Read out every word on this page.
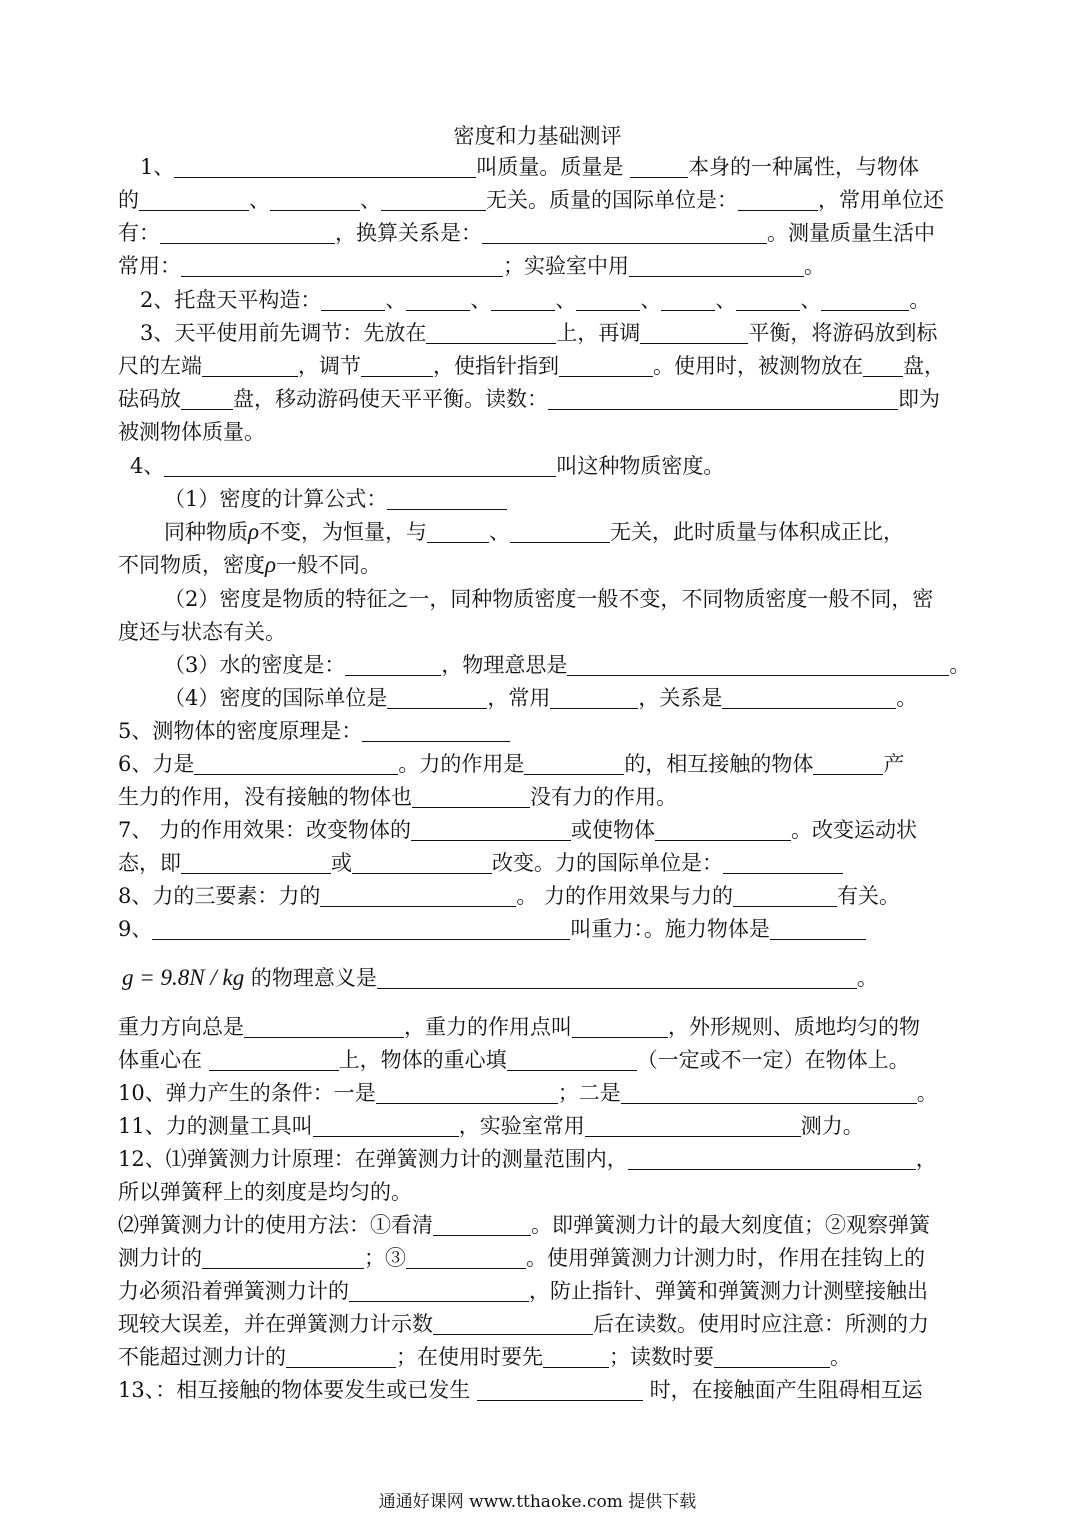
密度和力基础测评
1、	叫质量。质量是	本身的一种属性，与物体
的	、	、	无关。质量的国际单位是：	，常用单位还
有：	，换算关系是：	。测量质量生活中
常用：	；实验室中用	。
2、托盘天平构造：	、	、	、	、	、	、	。
3、天平使用前先调节：先放在	上，再调	平衡，将游码放到标
尺的左端	，调节	，使指针指到	。使用时，被测物放在 盘，
砝码放 盘，移动游码使天平平衡。读数：	即为
被测物体质量。
4、	叫这种物质密度。
（1）密度的计算公式：
同种物质ρ不变，为恒量，与	、	无关，此时质量与体积成正比，
不同物质，密度ρ一般不同。
（2）密度是物质的特征之一，同种物质密度一般不变，不同物质密度一般不同，密
度还与状态有关。
（3）水的密度是：	，物理意思是	。
（4）密度的国际单位是	，常用	，关系是	。
5、测物体的密度原理是：
6、力是	。力的作用是	的，相互接触的物体	产
生力的作用，没有接触的物体也	没有力的作用。
7、 力的作用效果：改变物体的	或使物体	。改变运动状
态，即	或	改变。力的国际单位是：
8、力的三要素：力的	。 力的作用效果与力的	有关。
9、	叫重力：。施力物体是
g = 9.8N / kg 的物理意义是	。
重力方向总是	，重力的作用点叫	，外形规则、质地均匀的物
体重心在	上，物体的重心填	（一定或不一定）在物体上。
10、弹力产生的条件：一是	；二是	。
11、力的测量工具叫	，实验室常用	测力。
12、⑴弹簧测力计原理：在弹簧测力计的测量范围内，	，
所以弹簧秤上的刻度是均匀的。
⑵弹簧测力计的使用方法：①看清	。即弹簧测力计的最大刻度值；②观察弹簧
测力计的	；③	。使用弹簧测力计测力时，作用在挂钩上的
力必须沿着弹簧测力计的	，防止指针、弹簧和弹簧测力计测壁接触出
现较大误差，并在弹簧测力计示数	后在读数。使用时应注意：所测的力
不能超过测力计的	；在使用时要先	；读数时要	。
13、：相互接触的物体要发生或已发生	时，在接触面产生阻碍相互运
通通好课网 www.tthaoke.com 提供下载
